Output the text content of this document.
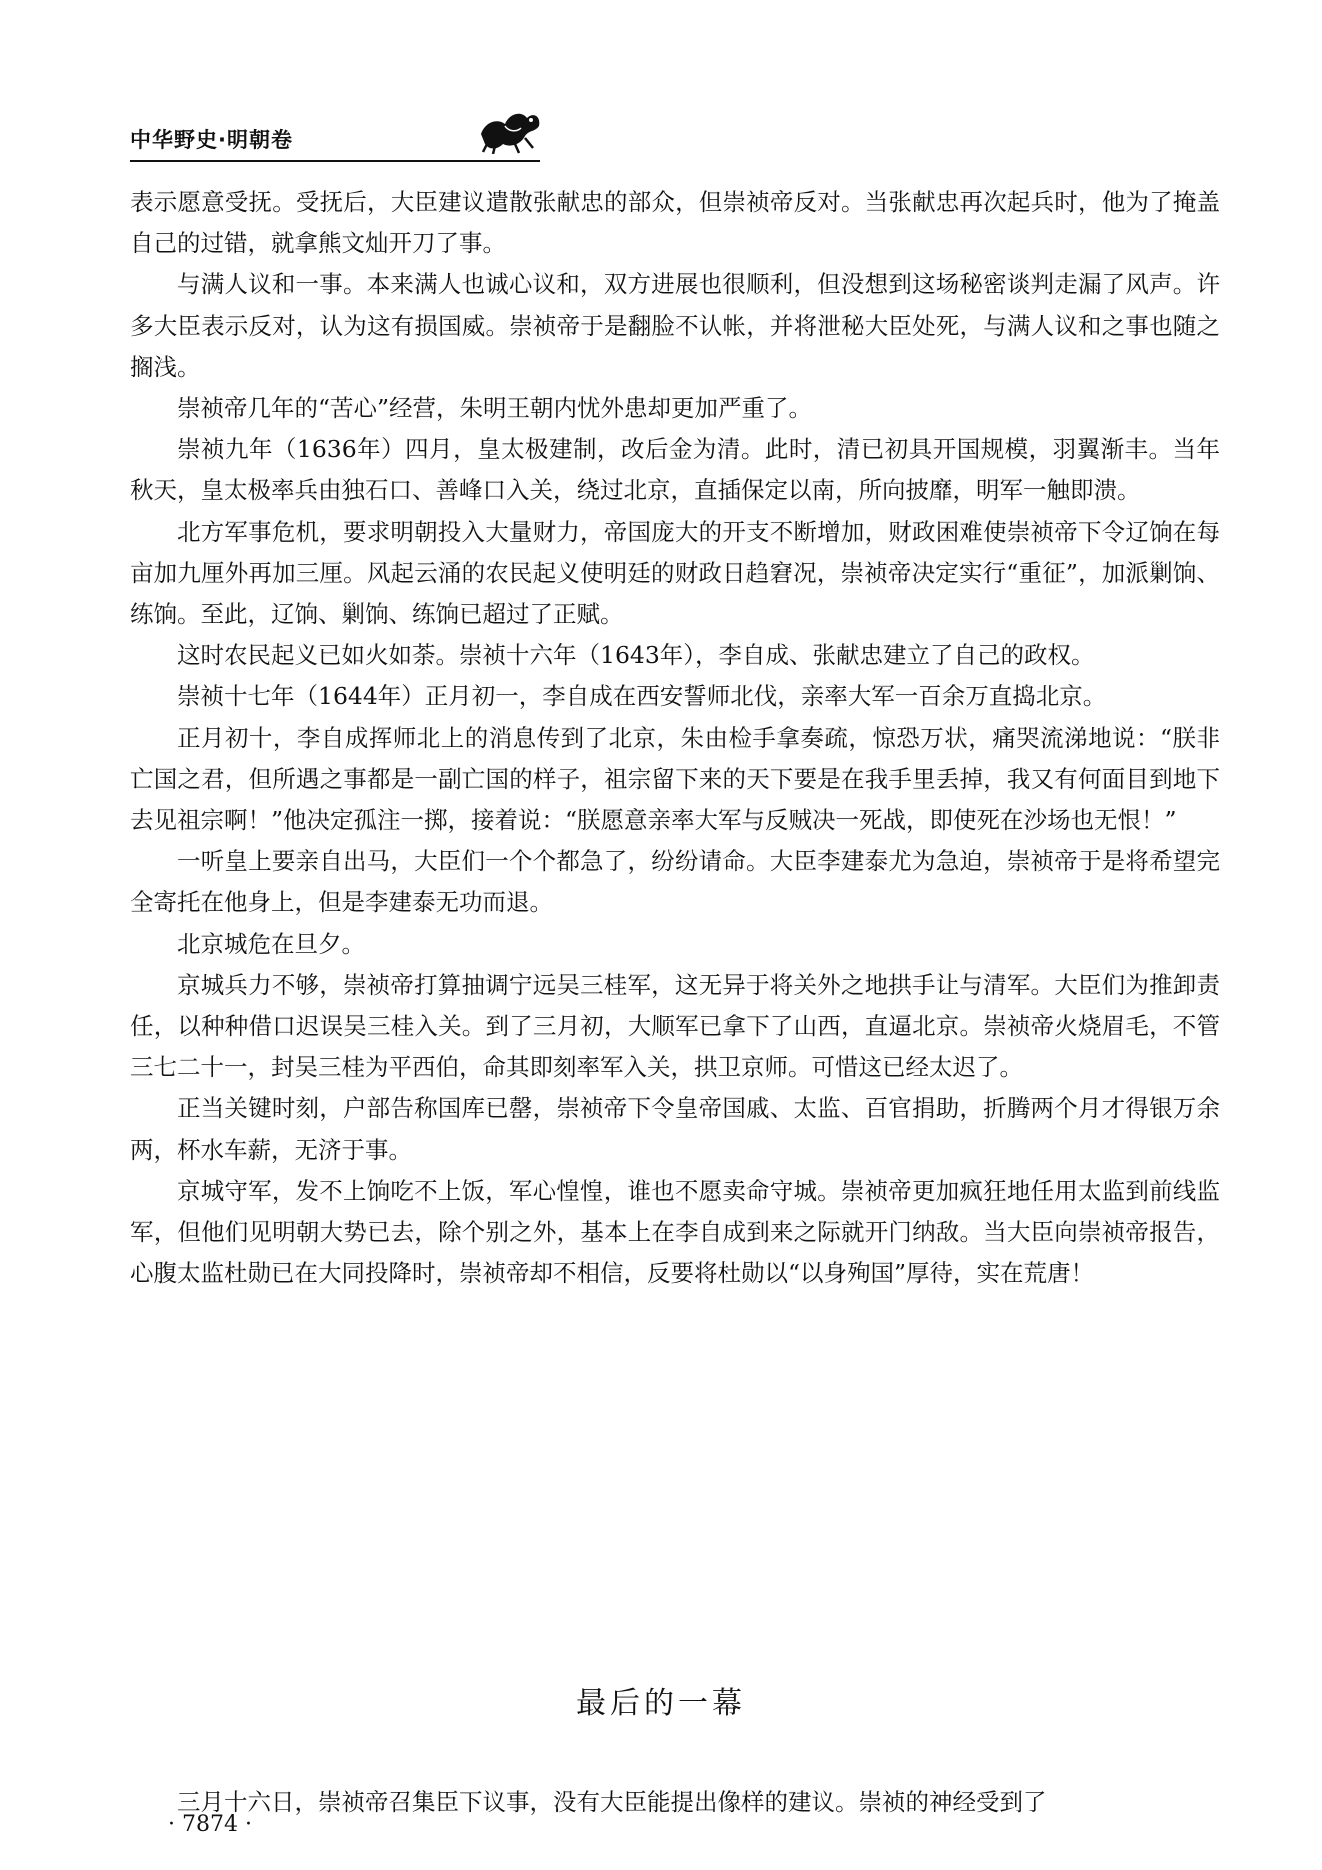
中华野史·明朝卷

表示愿意受抚。受抚后，大臣建议遣散张献忠的部众，但崇祯帝反对。当张献忠再次起兵时，他为了掩盖自己的过错，就拿熊文灿开刀了事。

与满人议和一事。本来满人也诚心议和，双方进展也很顺利，但没想到这场秘密谈判走漏了风声。许多大臣表示反对，认为这有损国威。崇祯帝于是翻脸不认帐，并将泄秘大臣处死，与满人议和之事也随之搁浅。

崇祯帝几年的“苦心”经营，朱明王朝内忧外患却更加严重了。

崇祯九年（1636年）四月，皇太极建制，改后金为清。此时，清已初具开国规模，羽翼渐丰。当年秋天，皇太极率兵由独石口、善峰口入关，绕过北京，直插保定以南，所向披靡，明军一触即溃。

北方军事危机，要求明朝投入大量财力，帝国庞大的开支不断增加，财政困难使崇祯帝下令辽饷在每亩加九厘外再加三厘。风起云涌的农民起义使明廷的财政日趋窘况，崇祯帝决定实行“重征”，加派剿饷、练饷。至此，辽饷、剿饷、练饷已超过了正赋。

这时农民起义已如火如荼。崇祯十六年（1643年），李自成、张献忠建立了自己的政权。

崇祯十七年（1644年）正月初一，李自成在西安誓师北伐，亲率大军一百余万直捣北京。

正月初十，李自成挥师北上的消息传到了北京，朱由检手拿奏疏，惊恐万状，痛哭流涕地说：“朕非亡国之君，但所遇之事都是一副亡国的样子，祖宗留下来的天下要是在我手里丢掉，我又有何面目到地下去见祖宗啊！”他决定孤注一掷，接着说：“朕愿意亲率大军与反贼决一死战，即使死在沙场也无恨！”

一听皇上要亲自出马，大臣们一个个都急了，纷纷请命。大臣李建泰尤为急迫，崇祯帝于是将希望完全寄托在他身上，但是李建泰无功而退。

北京城危在旦夕。

京城兵力不够，崇祯帝打算抽调宁远吴三桂军，这无异于将关外之地拱手让与清军。大臣们为推卸责任，以种种借口迟误吴三桂入关。到了三月初，大顺军已拿下了山西，直逼北京。崇祯帝火烧眉毛，不管三七二十一，封吴三桂为平西伯，命其即刻率军入关，拱卫京师。可惜这已经太迟了。

正当关键时刻，户部告称国库已罄，崇祯帝下令皇帝国戚、太监、百官捐助，折腾两个月才得银万余两，杯水车薪，无济于事。

京城守军，发不上饷吃不上饭，军心惶惶，谁也不愿卖命守城。崇祯帝更加疯狂地任用太监到前线监军，但他们见明朝大势已去，除个别之外，基本上在李自成到来之际就开门纳敌。当大臣向崇祯帝报告，心腹太监杜勋已在大同投降时，崇祯帝却不相信，反要将杜勋以“以身殉国”厚待，实在荒唐！

最后的一幕

三月十六日，崇祯帝召集臣下议事，没有大臣能提出像样的建议。崇祯的神经受到了

· 7874 ·
